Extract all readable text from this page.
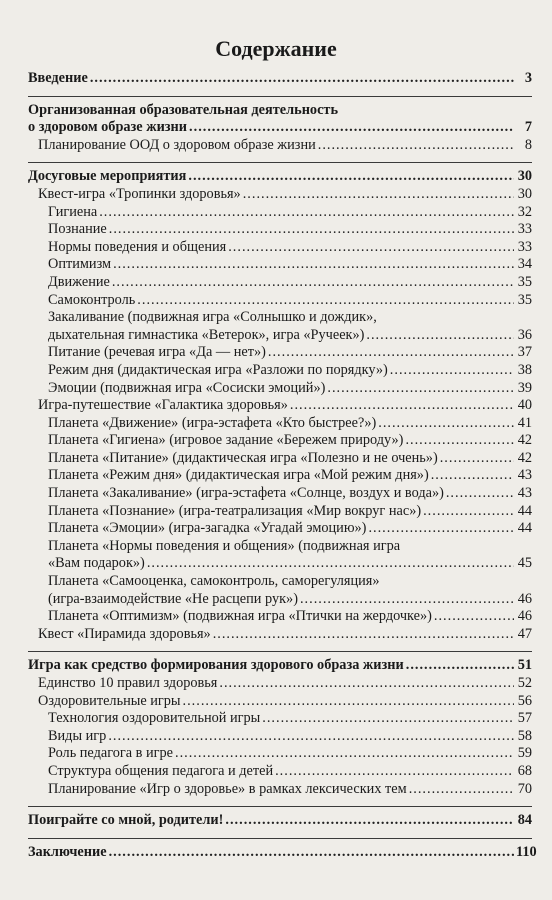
Содержание
Введение .....	3
Организованная образовательная деятельность
о здоровом образе жизни .....	7
Планирование ООД о здоровом образе жизни .....	8
Досуговые мероприятия .....	30
Квест-игра «Тропинки здоровья» .....	30
Гигиена .....	32
Познание .....	33
Нормы поведения и общения .....	33
Оптимизм .....	34
Движение .....	35
Самоконтроль .....	35
Закаливание (подвижная игра «Солнышко и дождик»,
дыхательная гимнастика «Ветерок», игра «Ручеек») .....	36
Питание (речевая игра «Да — нет») .....	37
Режим дня (дидактическая игра «Разложи по порядку») .....	38
Эмоции (подвижная игра «Сосиски эмоций») .....	39
Игра-путешествие «Галактика здоровья» .....	40
Планета «Движение» (игра-эстафета «Кто быстрее?») .....	41
Планета «Гигиена» (игровое задание «Бережем природу») .....	42
Планета «Питание» (дидактическая игра «Полезно и не очень») .....	42
Планета «Режим дня» (дидактическая игра «Мой режим дня») .....	43
Планета «Закаливание» (игра-эстафета «Солнце, воздух и вода») .....	43
Планета «Познание» (игра-театрализация «Мир вокруг нас») .....	44
Планета «Эмоции» (игра-загадка «Угадай эмоцию») .....	44
Планета «Нормы поведения и общения» (подвижная игра
«Вам подарок») .....	45
Планета «Самооценка, самоконтроль, саморегуляция»
(игра-взаимодействие «Не расцепи рук») .....	46
Планета «Оптимизм» (подвижная игра «Птички на жердочке») .....	46
Квест «Пирамида здоровья» .....	47
Игра как средство формирования здорового образа жизни .....	51
Единство 10 правил здоровья .....	52
Оздоровительные игры .....	56
Технология оздоровительной игры .....	57
Виды игр .....	58
Роль педагога в игре .....	59
Структура общения педагога и детей .....	68
Планирование «Игр о здоровье» в рамках лексических тем .....	70
Поиграйте со мной, родители! .....	84
Заключение .....	110
